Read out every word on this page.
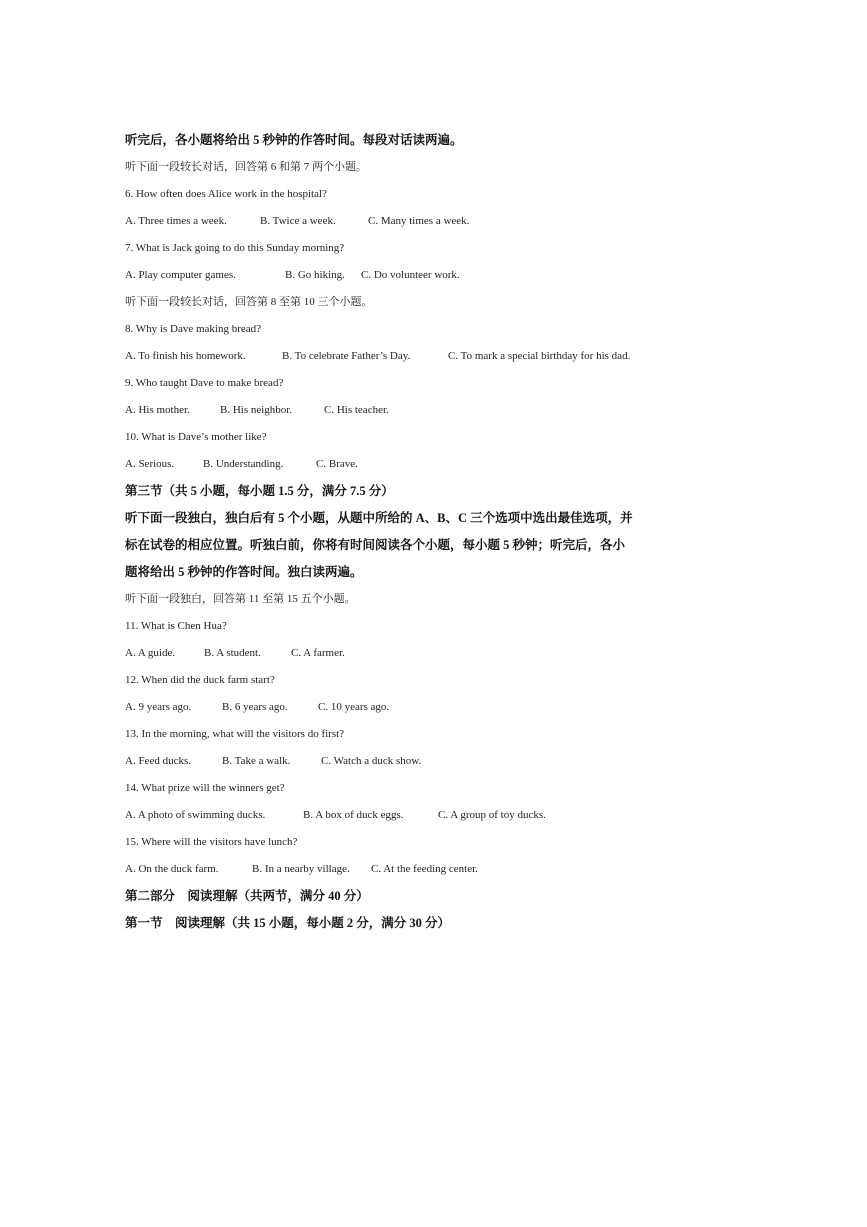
听完后，各小题将给出 5 秒钟的作答时间。每段对话读两遍。
听下面一段较长对话，回答第 6 和第 7 两个小题。
6. How often does Alice work in the hospital?
A. Three times a week.	B. Twice a week.	C. Many times a week.
7. What is Jack going to do this Sunday morning?
A. Play computer games.	B. Go hiking. C. Do volunteer work.
听下面一段较长对话，回答第 8 至第 10 三个小题。
8. Why is Dave making bread?
A. To finish his homework.	B. To celebrate Father’s Day.	C. To mark a special birthday for his dad.
9. Who taught Dave to make bread?
A. His mother.	B. His neighbor.	C. His teacher.
10. What is Dave’s mother like?
A. Serious.	B. Understanding.	C. Brave.
第三节（共 5 小题，每小题 1.5 分，满分 7.5 分）
听下面一段独白，独白后有 5 个小题，从题中所给的 A、B、C 三个选项中选出最佳选项，并
标在试卷的相应位置。听独白前，你将有时间阅读各个小题，每小题 5 秒钟；听完后，各小
题将给出 5 秒钟的作答时间。独白读两遍。
听下面一段独白，回答第 11 至第 15 五个小题。
11. What is Chen Hua?
A. A guide.	B. A student.	C. A farmer.
12. When did the duck farm start?
A. 9 years ago.	B. 6 years ago.	C. 10 years ago.
13. In the morning, what will the visitors do first?
A. Feed ducks.	B. Take a walk.	C. Watch a duck show.
14. What prize will the winners get?
A. A photo of swimming ducks.	B. A box of duck eggs.	C. A group of toy ducks.
15. Where will the visitors have lunch?
A. On the duck farm.	B. In a nearby village. C. At the feeding center.
第二部分　阅读理解（共两节，满分 40 分）
第一节　阅读理解（共 15 小题，每小题 2 分，满分 30 分）
